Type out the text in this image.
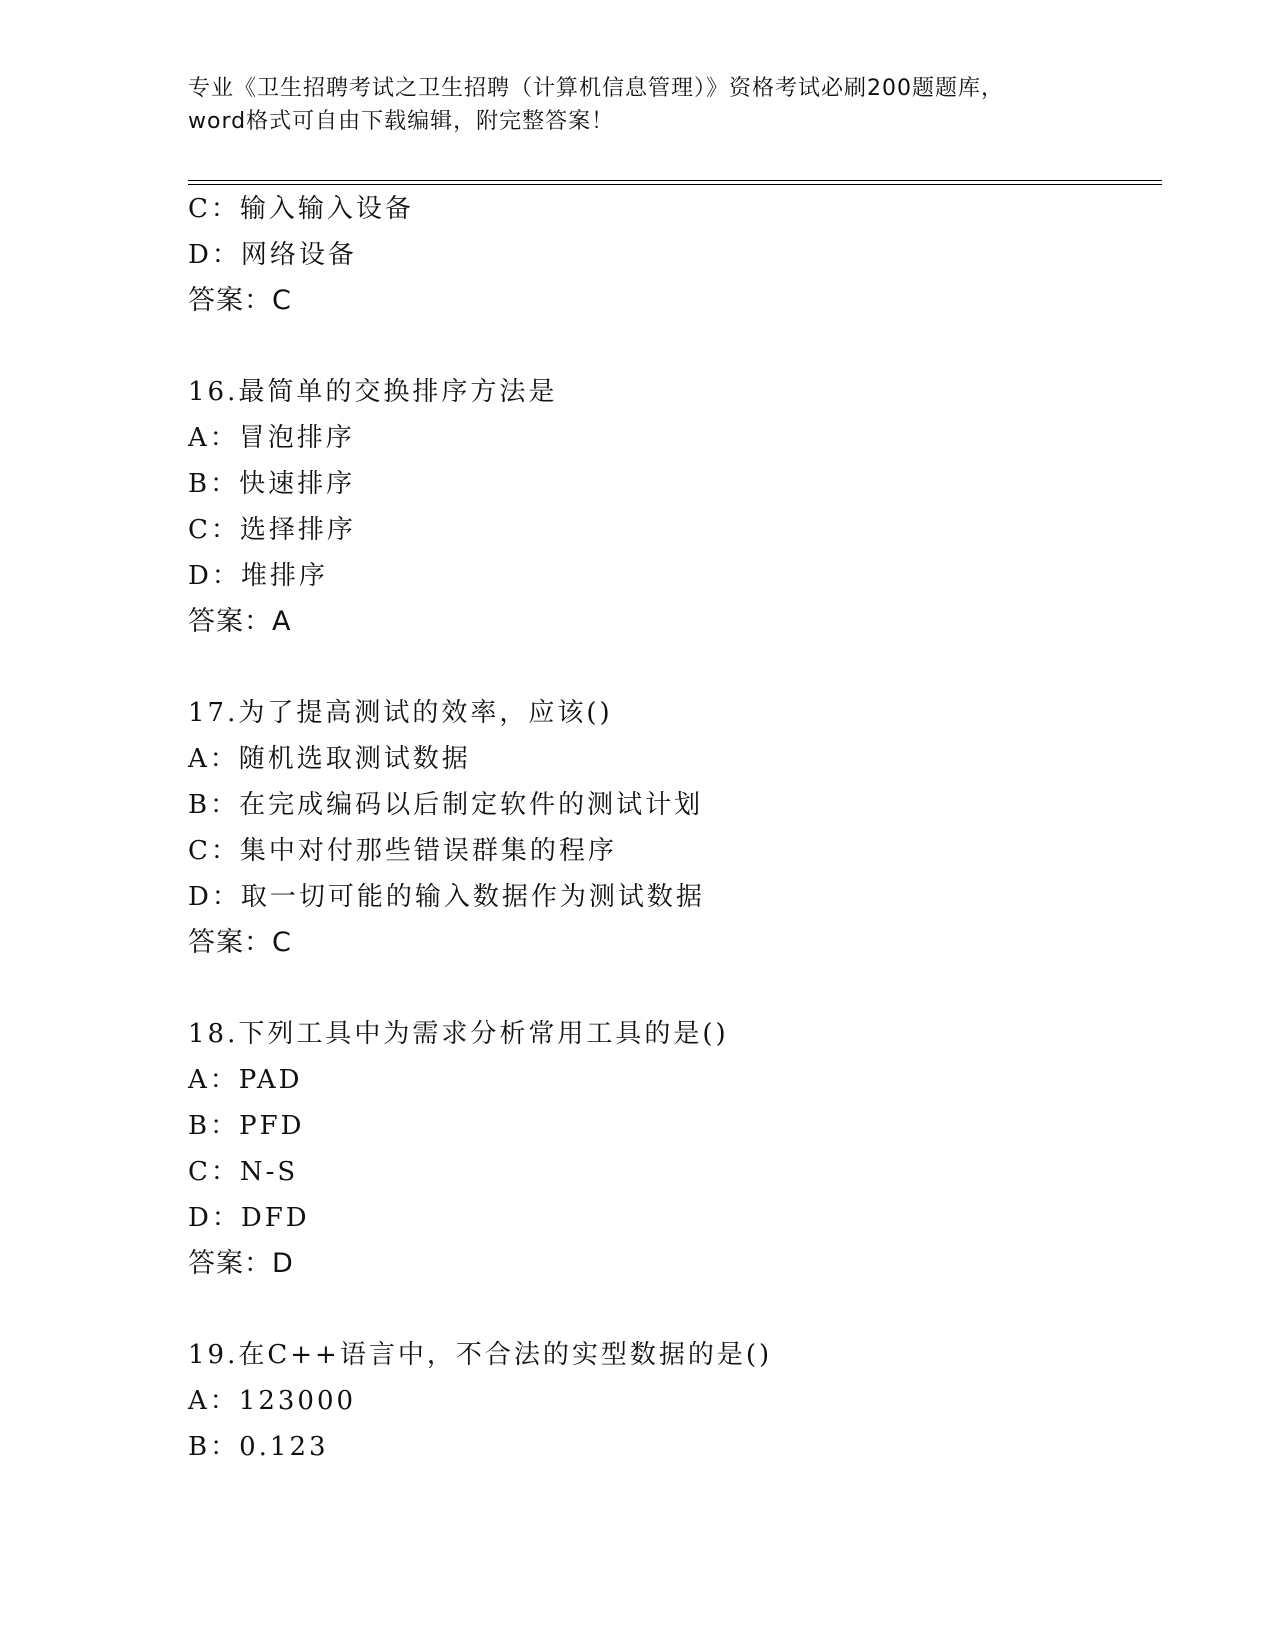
专业《卫生招聘考试之卫生招聘（计算机信息管理）》资格考试必刷200题题库，
word格式可自由下载编辑，附完整答案！
C：输入输入设备
D：网络设备
答案：C
16.最简单的交换排序方法是
A：冒泡排序
B：快速排序
C：选择排序
D：堆排序
答案：A
17.为了提高测试的效率，应该()
A：随机选取测试数据
B：在完成编码以后制定软件的测试计划
C：集中对付那些错误群集的程序
D：取一切可能的输入数据作为测试数据
答案：C
18.下列工具中为需求分析常用工具的是()
A：PAD
B：PFD
C：N-S
D：DFD
答案：D
19.在C++语言中，不合法的实型数据的是()
A：123000
B：0.123
